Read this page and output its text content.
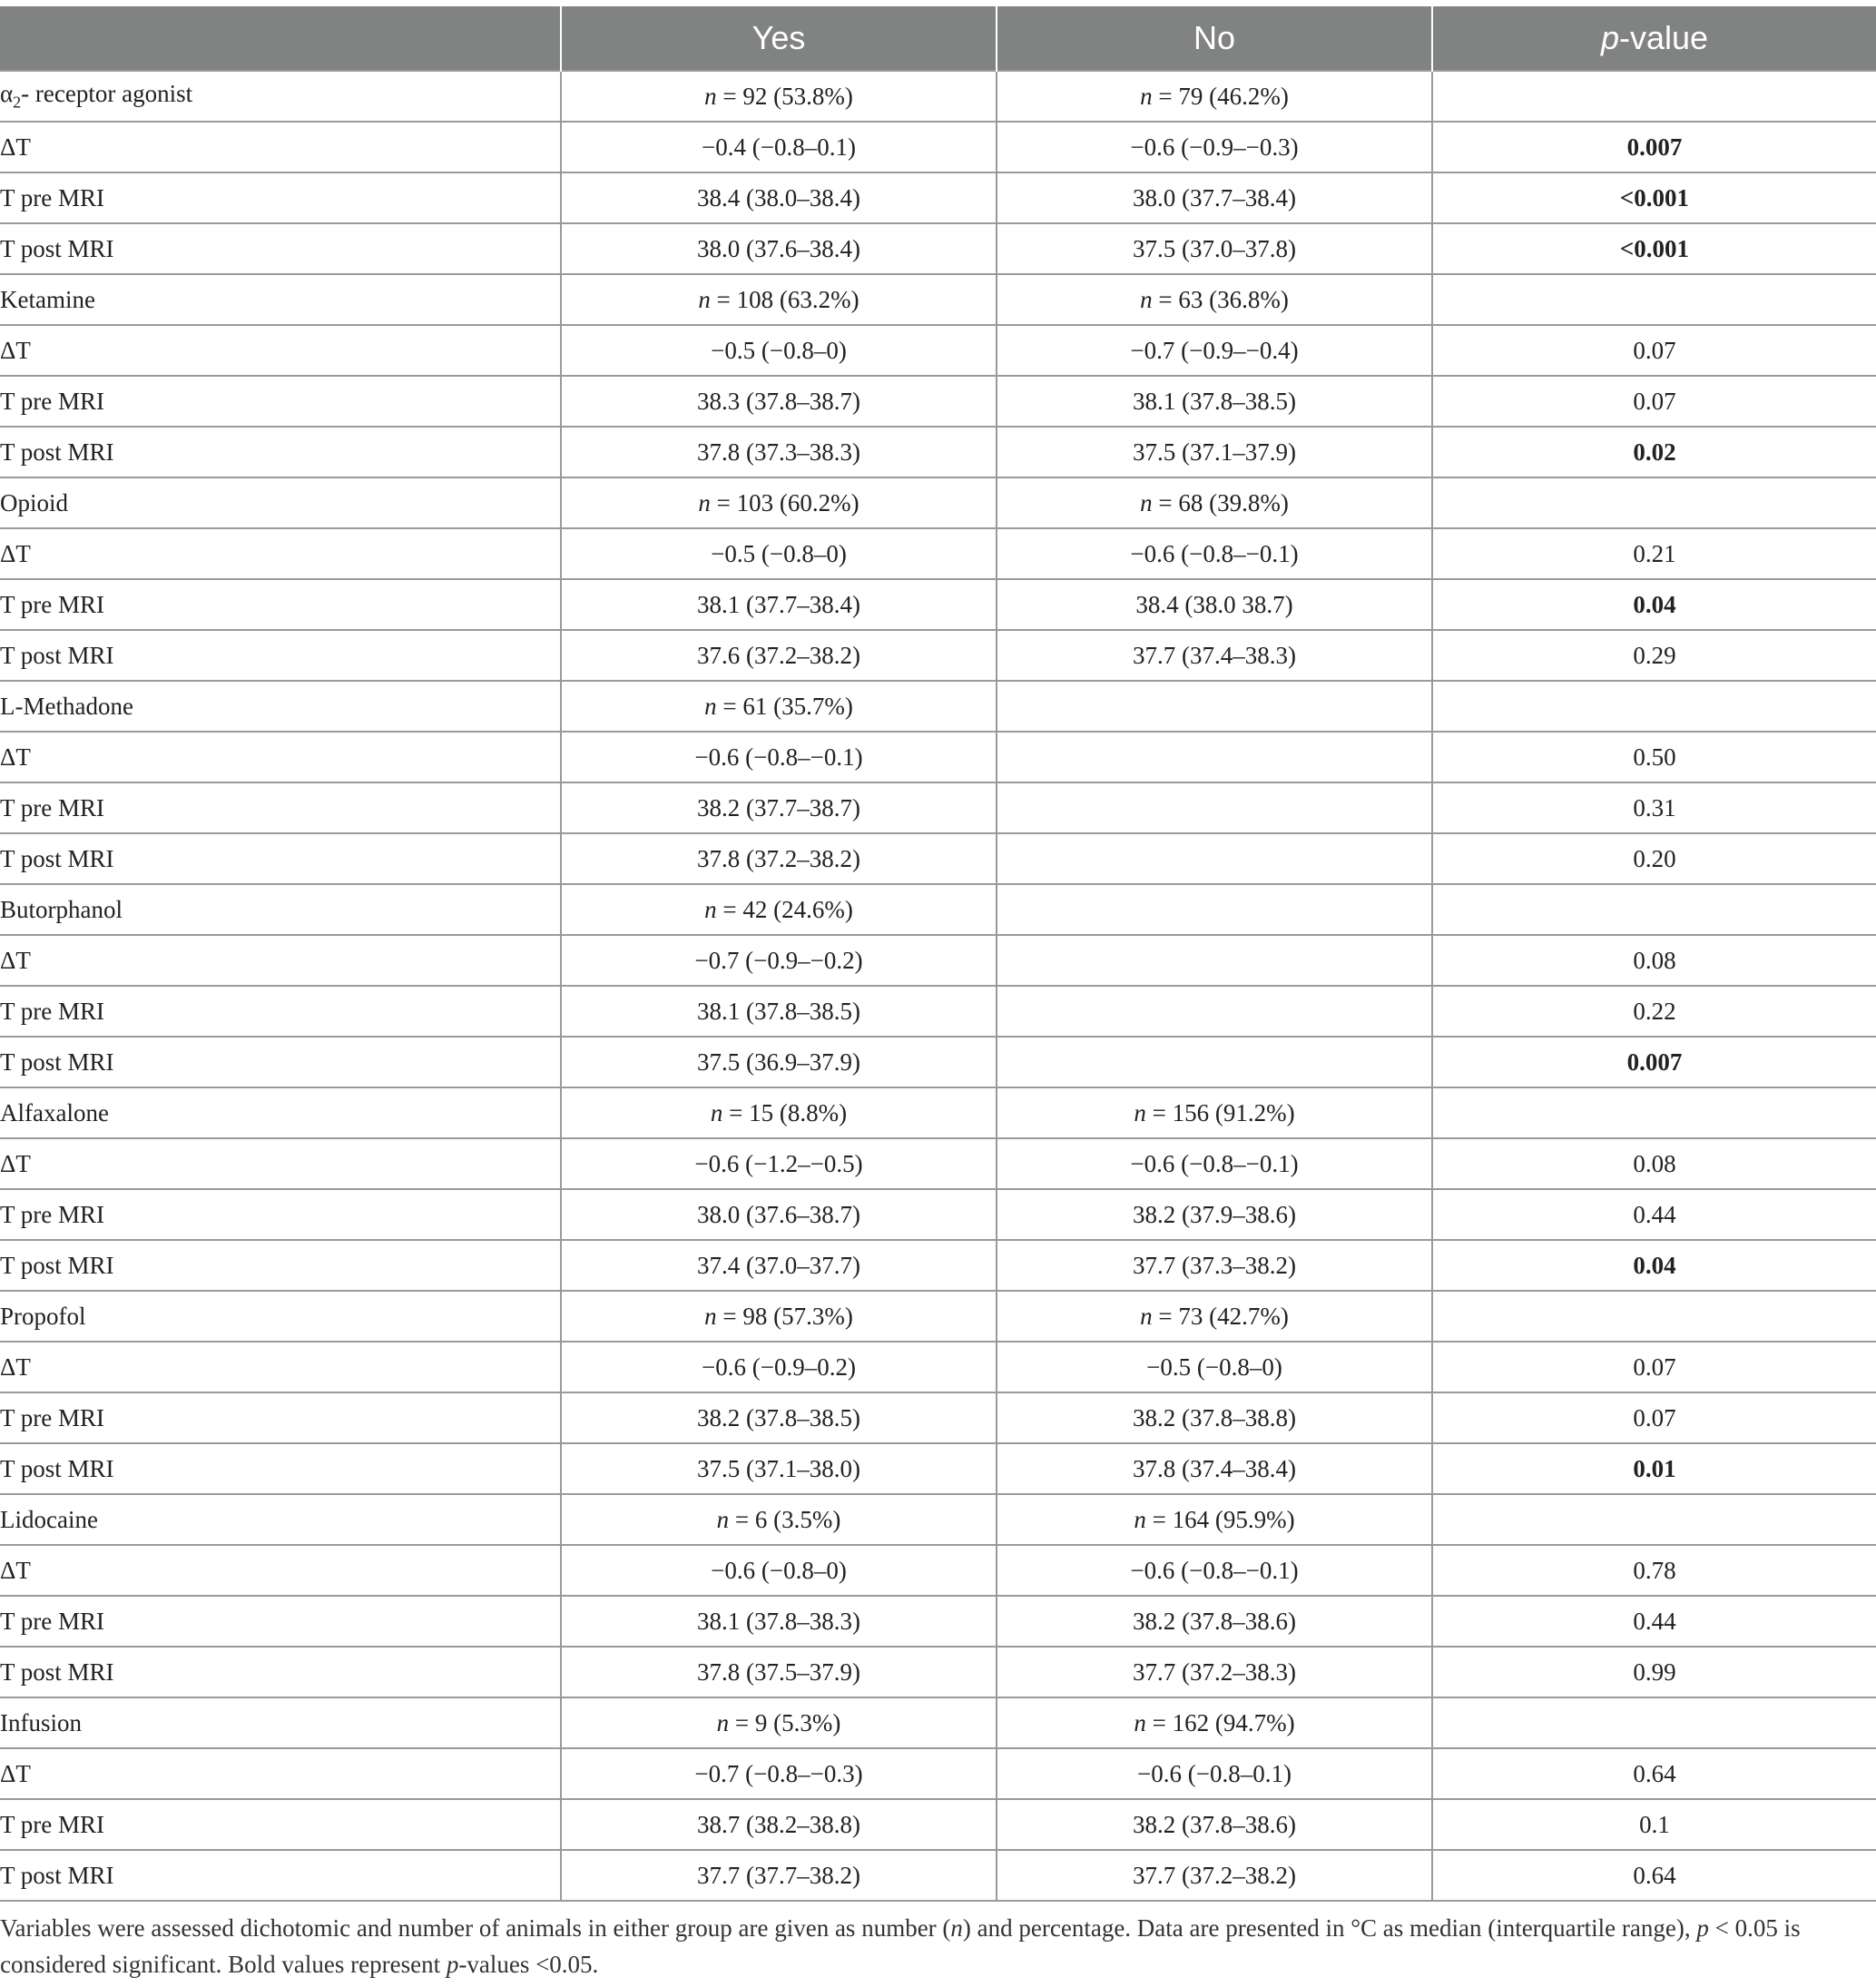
	Yes	No	p-value
$\alpha_2-$ receptor agonist	n = 92 (53.8%)	n = 79 (46.2%)	
ΔT	−0.4 (−0.8–0.1)	−0.6 (−0.9–−0.3)	0.007
T pre MRI	38.4 (38.0–38.4)	38.0 (37.7–38.4)	<0.001
T post MRI	38.0 (37.6–38.4)	37.5 (37.0–37.8)	<0.001
Ketamine	n = 108 (63.2%)	n = 63 (36.8%)	
ΔT	−0.5 (−0.8–0)	−0.7 (−0.9–−0.4)	0.07
T pre MRI	38.3 (37.8–38.7)	38.1 (37.8–38.5)	0.07
T post MRI	37.8 (37.3–38.3)	37.5 (37.1–37.9)	0.02
Opioid	n = 103 (60.2%)	n = 68 (39.8%)	
ΔT	−0.5 (−0.8–0)	−0.6 (−0.8–−0.1)	0.21
T pre MRI	38.1 (37.7–38.4)	38.4 (38.0 38.7)	0.04
T post MRI	37.6 (37.2–38.2)	37.7 (37.4–38.3)	0.29
L-Methadone	n = 61 (35.7%)		
ΔT	−0.6 (−0.8–−0.1)		0.50
T pre MRI	38.2 (37.7–38.7)		0.31
T post MRI	37.8 (37.2–38.2)		0.20
Butorphanol	n = 42 (24.6%)		
ΔT	−0.7 (−0.9–−0.2)		0.08
T pre MRI	38.1 (37.8–38.5)		0.22
T post MRI	37.5 (36.9–37.9)		0.007
Alfaxalone	n = 15 (8.8%)	n = 156 (91.2%)	
ΔT	−0.6 (−1.2–−0.5)	−0.6 (−0.8–−0.1)	0.08
T pre MRI	38.0 (37.6–38.7)	38.2 (37.9–38.6)	0.44
T post MRI	37.4 (37.0–37.7)	37.7 (37.3–38.2)	0.04
Propofol	n = 98 (57.3%)	n = 73 (42.7%)	
ΔT	−0.6 (−0.9–0.2)	−0.5 (−0.8–0)	0.07
T pre MRI	38.2 (37.8–38.5)	38.2 (37.8–38.8)	0.07
T post MRI	37.5 (37.1–38.0)	37.8 (37.4–38.4)	0.01
Lidocaine	n = 6 (3.5%)	n = 164 (95.9%)	
ΔT	−0.6 (−0.8–0)	−0.6 (−0.8–−0.1)	0.78
T pre MRI	38.1 (37.8–38.3)	38.2 (37.8–38.6)	0.44
T post MRI	37.8 (37.5–37.9)	37.7 (37.2–38.3)	0.99
Infusion	n = 9 (5.3%)	n = 162 (94.7%)	
ΔT	−0.7 (−0.8–−0.3)	−0.6 (−0.8–0.1)	0.64
T pre MRI	38.7 (38.2–38.8)	38.2 (37.8–38.6)	0.1
T post MRI	37.7 (37.7–38.2)	37.7 (37.2–38.2)	0.64
Variables were assessed dichotomic and number of animals in either group are given as number (n) and percentage. Data are presented in °C as median (interquartile range), p < 0.05 is considered significant. Bold values represent p-values <0.05.
